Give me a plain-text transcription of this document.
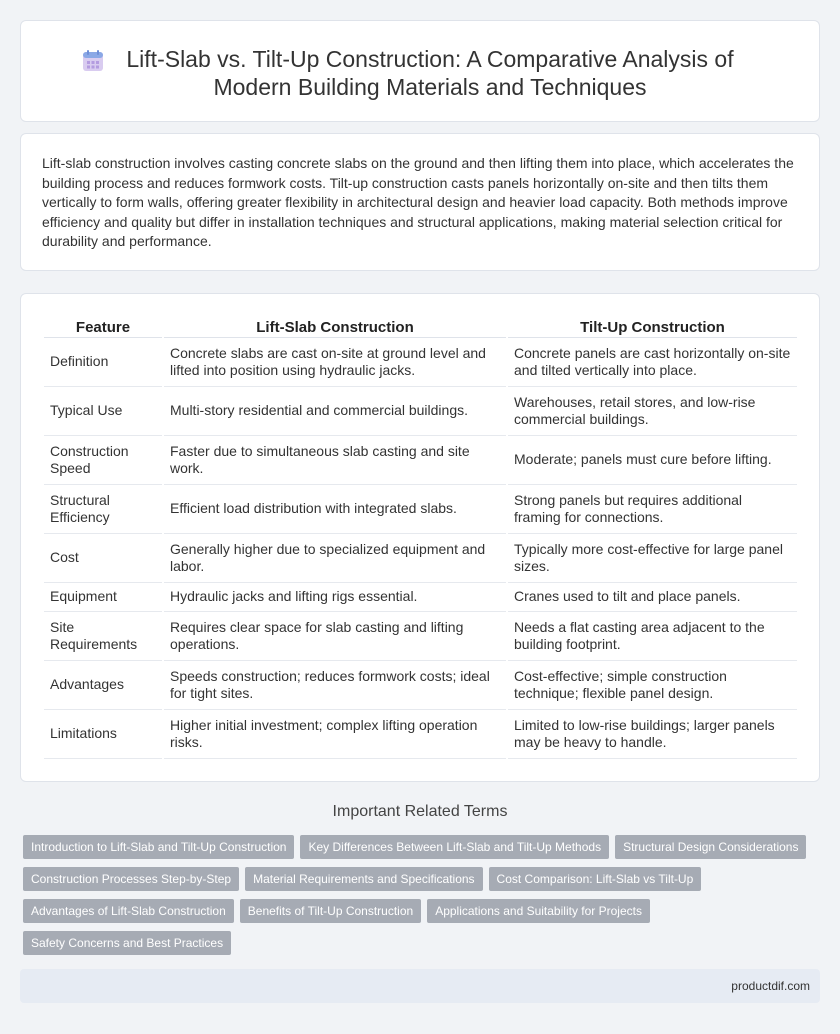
Lift-Slab vs. Tilt-Up Construction: A Comparative Analysis of
Modern Building Materials and Techniques

Lift-slab construction involves casting concrete slabs on the ground and then lifting them into place, which accelerates the building process and reduces formwork costs. Tilt-up construction casts panels horizontally on-site and then tilts them vertically to form walls, offering greater flexibility in architectural design and heavier load capacity. Both methods improve efficiency and quality but differ in installation techniques and structural applications, making material selection critical for durability and performance.

Feature	Lift-Slab Construction	Tilt-Up Construction
Definition	Concrete slabs are cast on-site at ground level and lifted into position using hydraulic jacks.	Concrete panels are cast horizontally on-site and tilted vertically into place.
Typical Use	Multi-story residential and commercial buildings.	Warehouses, retail stores, and low-rise commercial buildings.
Construction Speed	Faster due to simultaneous slab casting and site work.	Moderate; panels must cure before lifting.
Structural Efficiency	Efficient load distribution with integrated slabs.	Strong panels but requires additional framing for connections.
Cost	Generally higher due to specialized equipment and labor.	Typically more cost-effective for large panel sizes.
Equipment	Hydraulic jacks and lifting rigs essential.	Cranes used to tilt and place panels.
Site Requirements	Requires clear space for slab casting and lifting operations.	Needs a flat casting area adjacent to the building footprint.
Advantages	Speeds construction; reduces formwork costs; ideal for tight sites.	Cost-effective; simple construction technique; flexible panel design.
Limitations	Higher initial investment; complex lifting operation risks.	Limited to low-rise buildings; larger panels may be heavy to handle.
Important Related Terms
Introduction to Lift-Slab and Tilt-Up Construction	Key Differences Between Lift-Slab and Tilt-Up Methods	Structural Design Considerations
Construction Processes Step-by-Step	Material Requirements and Specifications	Cost Comparison: Lift-Slab vs Tilt-Up
Advantages of Lift-Slab Construction	Benefits of Tilt-Up Construction	Applications and Suitability for Projects
Safety Concerns and Best Practices
productdif.com
